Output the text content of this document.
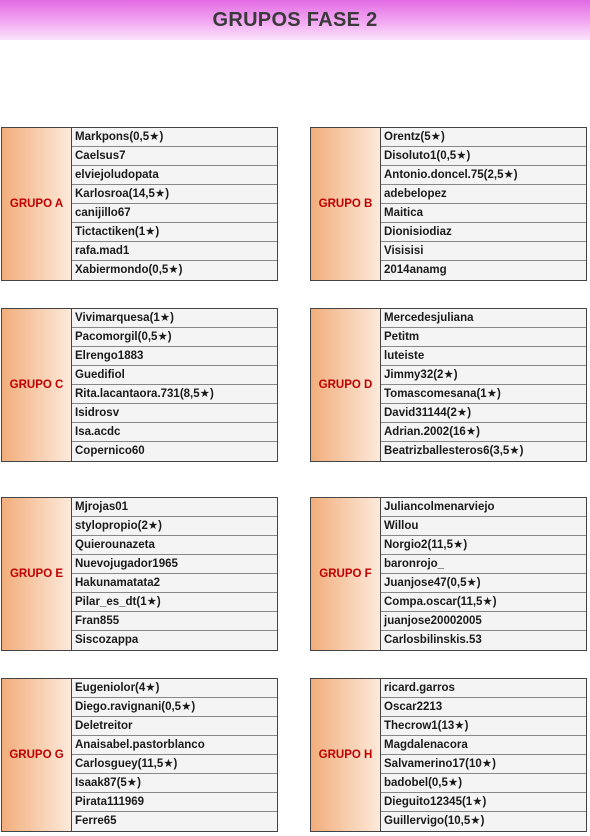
GRUPOS FASE 2
GRUPO A
Markpons(0,5★)
Caelsus7
elviejoludopata
Karlosroa(14,5★)
canijillo67
Tictactiken(1★)
rafa.mad1
Xabiermondo(0,5★)
GRUPO B
Orentz(5★)
Disoluto1(0,5★)
Antonio.doncel.75(2,5★)
adebelopez
Maitica
Dionisiodiaz
Visisisi
2014anamg
GRUPO C
Vivimarquesa(1★)
Pacomorgil(0,5★)
Elrengo1883
Guedifiol
Rita.lacantaora.731(8,5★)
Isidrosv
Isa.acdc
Copernico60
GRUPO D
Mercedesjuliana
Petitm
luteiste
Jimmy32(2★)
Tomascomesana(1★)
David31144(2★)
Adrian.2002(16★)
Beatrizballesteros6(3,5★)
GRUPO E
Mjrojas01
stylopropio(2★)
Quierounazeta
Nuevojugador1965
Hakunamatata2
Pilar_es_dt(1★)
Fran855
Siscozappa
GRUPO F
Juliancolmenarviejo
Willou
Norgio2(11,5★)
baronrojo_
Juanjose47(0,5★)
Compa.oscar(11,5★)
juanjose20002005
Carlosbilinskis.53
GRUPO G
Eugeniolor(4★)
Diego.ravignani(0,5★)
Deletreitor
Anaisabel.pastorblanco
Carlosguey(11,5★)
Isaak87(5★)
Pirata111969
Ferre65
GRUPO H
ricard.garros
Oscar2213
Thecrow1(13★)
Magdalenacora
Salvamerino17(10★)
badobel(0,5★)
Dieguito12345(1★)
Guillervigo(10,5★)
